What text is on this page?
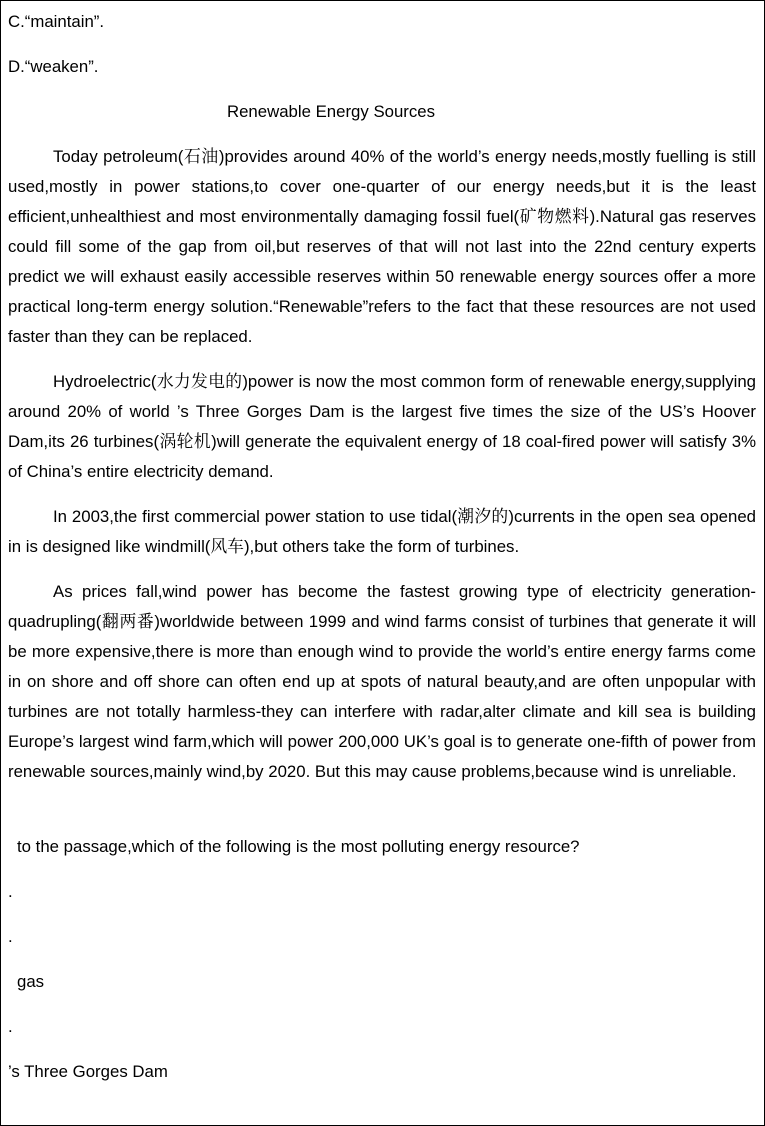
C.“maintain”.
D.“weaken”.
Renewable Energy Sources
Today petroleum(石油)provides around 40% of the world’s energy needs,mostly fuelling is still used,mostly in power stations,to cover one-quarter of our energy needs,but it is the least efficient,unhealthiest and most environmentally damaging fossil fuel(矿物燃料).Natural gas reserves could fill some of the gap from oil,but reserves of that will not last into the 22nd century experts predict we will exhaust easily accessible reserves within 50 renewable energy sources offer a more practical long-term energy solution.“Renewable”refers to the fact that these resources are not used faster than they can be replaced.
Hydroelectric(水力发电的)power is now the most common form of renewable energy,supplying around 20% of world ’s Three Gorges Dam is the largest five times the size of the US’s Hoover Dam,its 26 turbines(涡轮机)will generate the equivalent energy of 18 coal-fired power will satisfy 3% of China’s entire electricity demand.
In 2003,the first commercial power station to use tidal(潮汐的)currents in the open sea opened in is designed like windmill(风车),but others take the form of turbines.
As prices fall,wind power has become the fastest growing type of electricity generation-quadrupling(翻两番)worldwide between 1999 and wind farms consist of turbines that generate it will be more expensive,there is more than enough wind to provide the world’s entire energy farms come in on shore and off shore can often end up at spots of natural beauty,and are often unpopular with turbines are not totally harmless-they can interfere with radar,alter climate and kill sea is building Europe’s largest wind farm,which will power 200,000 UK’s goal is to generate one-fifth of power from renewable sources,mainly wind,by 2020. But this may cause problems,because wind is unreliable.
to the passage,which of the following is the most polluting energy resource?
.
.
gas
.
’s Three Gorges Dam
